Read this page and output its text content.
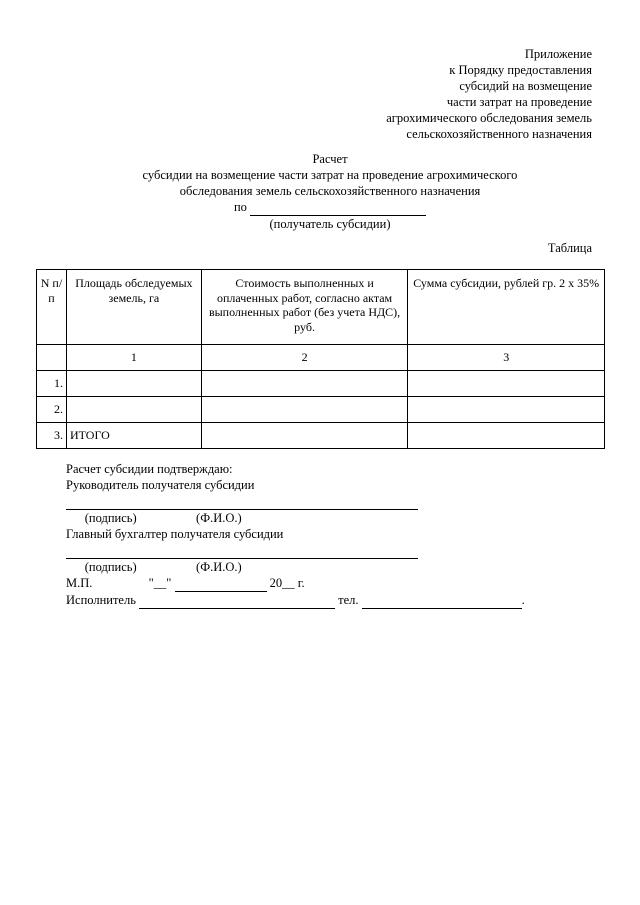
Приложение
к Порядку предоставления
субсидий на возмещение
части затрат на проведение
агрохимического обследования земель
сельскохозяйственного назначения
Расчет
субсидии на возмещение части затрат на проведение агрохимического
обследования земель сельскохозяйственного назначения
по
(получатель субсидии)
Таблица
N п/п	Площадь обследуемых земель, га	Стоимость выполненных и оплаченных работ, согласно актам выполненных работ (без учета НДС), руб.	Сумма субсидии, рублей гр. 2 х 35%
	1	2	3
1.			
2.			
3.	ИТОГО		
Расчет субсидии подтверждаю:
Руководитель получателя субсидии

(подпись)	(Ф.И.О.)
Главный бухгалтер получателя субсидии

(подпись)	(Ф.И.О.)
М.П.	"__"	20__ г.
Исполнитель	тел.	.
